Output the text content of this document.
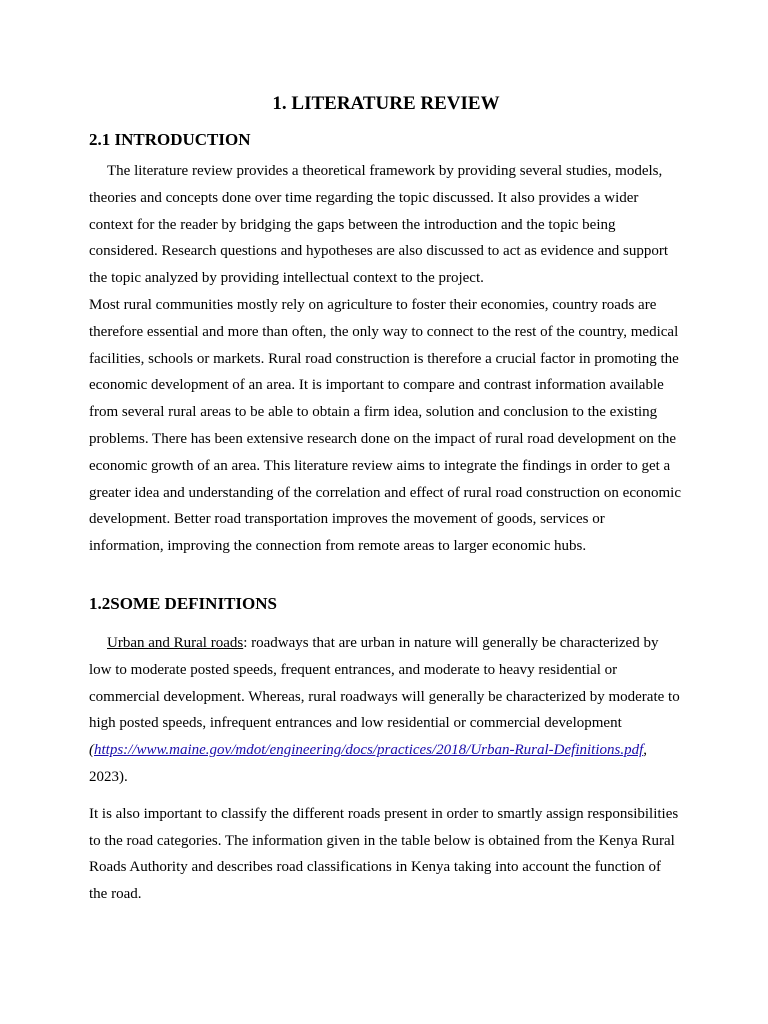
1. LITERATURE REVIEW
2.1 INTRODUCTION

The literature review provides a theoretical framework by providing several studies, models, theories and concepts done over time regarding the topic discussed. It also provides a wider context for the reader by bridging the gaps between the introduction and the topic being considered. Research questions and hypotheses are also discussed to act as evidence and support the topic analyzed by providing intellectual context to the project.

Most rural communities mostly rely on agriculture to foster their economies, country roads are therefore essential and more than often, the only way to connect to the rest of the country, medical facilities, schools or markets. Rural road construction is therefore a crucial factor in promoting the economic development of an area. It is important to compare and contrast information available from several rural areas to be able to obtain a firm idea, solution and conclusion to the existing problems. There has been extensive research done on the impact of rural road development on the economic growth of an area. This literature review aims to integrate the findings in order to get a greater idea and understanding of the correlation and effect of rural road construction on economic development. Better road transportation improves the movement of goods, services or information, improving the connection from remote areas to larger economic hubs.

1.2SOME DEFINITIONS

Urban and Rural roads: roadways that are urban in nature will generally be characterized by low to moderate posted speeds, frequent entrances, and moderate to heavy residential or commercial development. Whereas, rural roadways will generally be characterized by moderate to high posted speeds, infrequent entrances and low residential or commercial development (https://www.maine.gov/mdot/engineering/docs/practices/2018/Urban-Rural-Definitions.pdf, 2023).

It is also important to classify the different roads present in order to smartly assign responsibilities to the road categories. The information given in the table below is obtained from the Kenya Rural Roads Authority and describes road classifications in Kenya taking into account the function of the road.
